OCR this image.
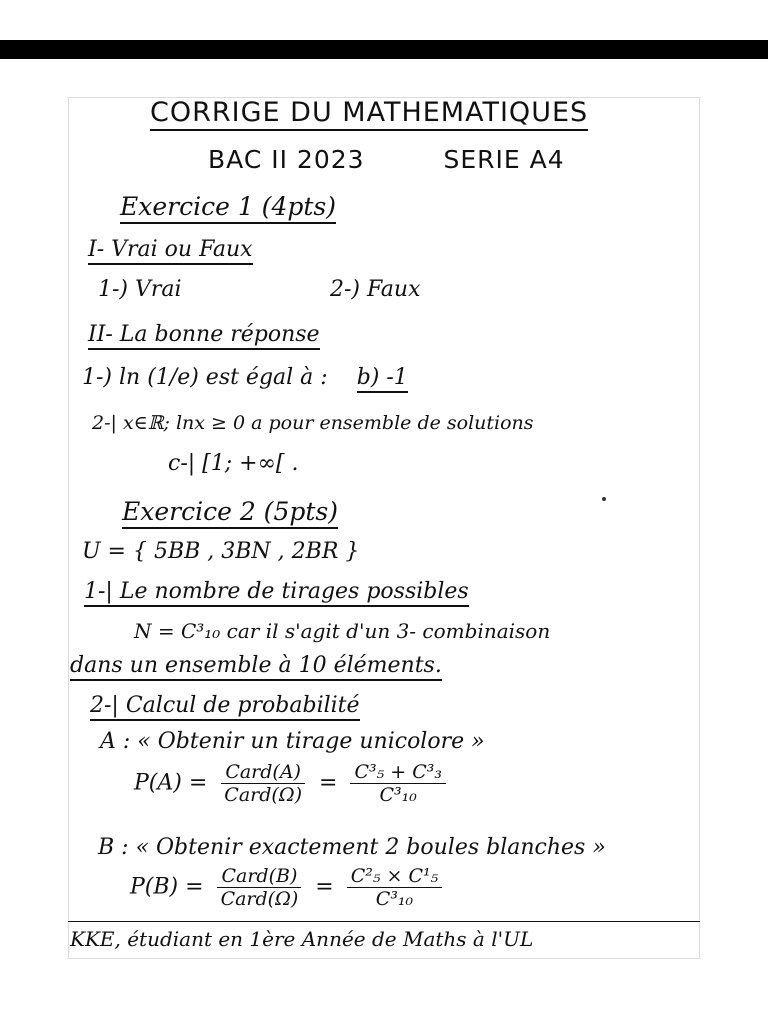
CORRIGE DU MATHEMATIQUES
BAC II 2023	SERIE A4
Exercice 1 (4pts)
I- Vrai ou Faux
1-) Vrai	2-) Faux
II- La bonne réponse
1-) ln (1/e) est égal à : b) -1
2-| x∈ℝ; lnx ≥ 0 a pour ensemble de solutions
c-| [1; +∞[ .
Exercice 2 (5pts)
U = { 5BB , 3BN , 2BR }
1-| Le nombre de tirages possibles
N = C³₁₀ car il s'agit d'un 3- combinaison
dans un ensemble à 10 éléments.
2-| Calcul de probabilité
A : « Obtenir un tirage unicolore »
$P(A) = \frac{\text{Card(A)}}{\text{Card(Ω)}} = \frac{\text{C³₅ + C³₃}}{\text{C³₁₀}}$
B : « Obtenir exactement 2 boules blanches »
$P(B) = \frac{\text{Card(B)}}{\text{Card(Ω)}} = \frac{\text{C²₅ × C¹₅}}{\text{C³₁₀}}$
KKE, étudiant en 1ère Année de Maths à l'UL
